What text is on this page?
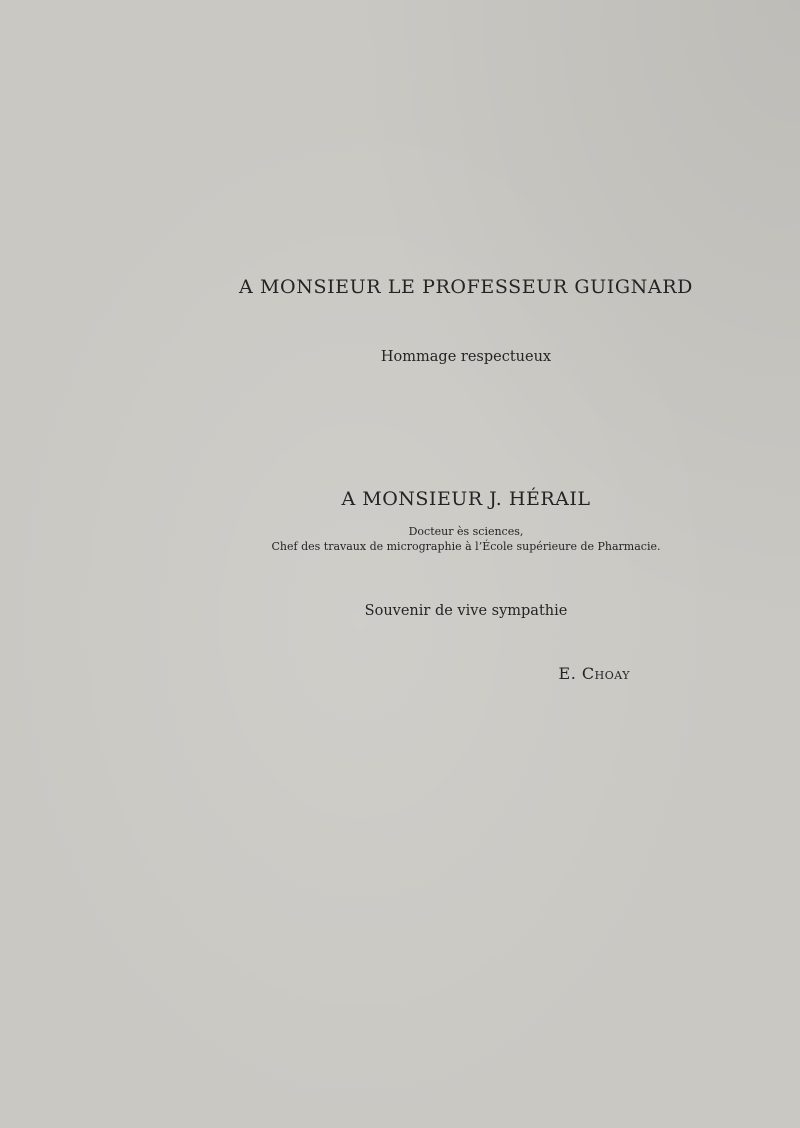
A MONSIEUR LE PROFESSEUR GUIGNARD
Hommage respectueux
A MONSIEUR J. HÉRAIL
Docteur ès sciences,
Chef des travaux de micrographie à l’École supérieure de Pharmacie.
Souvenir de vive sympathie
E. Choay
